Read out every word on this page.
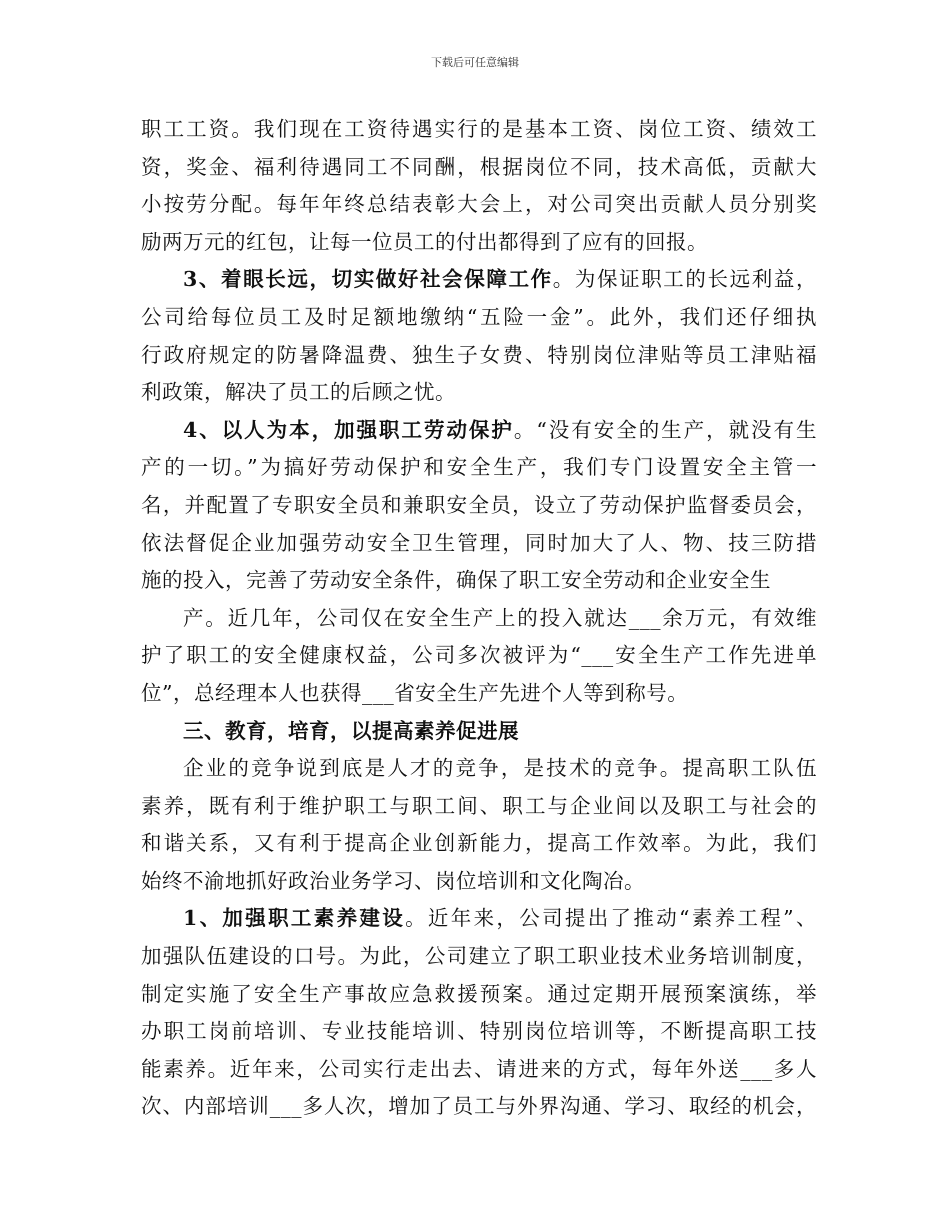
下载后可任意编辑
职工工资。我们现在工资待遇实行的是基本工资、岗位工资、绩效工
资，奖金、福利待遇同工不同酬，根据岗位不同，技术高低，贡献大
小按劳分配。每年年终总结表彰大会上，对公司突出贡献人员分别奖
励两万元的红包，让每一位员工的付出都得到了应有的回报。
3、着眼长远，切实做好社会保障工作。为保证职工的长远利益，
公司给每位员工及时足额地缴纳“五险一金”。此外，我们还仔细执
行政府规定的防暑降温费、独生子女费、特别岗位津贴等员工津贴福
利政策，解决了员工的后顾之忧。
4、以人为本，加强职工劳动保护。“没有安全的生产，就没有生
产的一切。”为搞好劳动保护和安全生产，我们专门设置安全主管一
名，并配置了专职安全员和兼职安全员，设立了劳动保护监督委员会，
依法督促企业加强劳动安全卫生管理，同时加大了人、物、技三防措
施的投入，完善了劳动安全条件，确保了职工安全劳动和企业安全生
产。近几年，公司仅在安全生产上的投入就达___余万元，有效维
护了职工的安全健康权益，公司多次被评为“___安全生产工作先进单
位”，总经理本人也获得___省安全生产先进个人等到称号。
三、教育，培育，以提高素养促进展
企业的竞争说到底是人才的竞争，是技术的竞争。提高职工队伍
素养，既有利于维护职工与职工间、职工与企业间以及职工与社会的
和谐关系，又有利于提高企业创新能力，提高工作效率。为此，我们
始终不渝地抓好政治业务学习、岗位培训和文化陶冶。
1、加强职工素养建设。近年来，公司提出了推动“素养工程”、
加强队伍建设的口号。为此，公司建立了职工职业技术业务培训制度，
制定实施了安全生产事故应急救援预案。通过定期开展预案演练，举
办职工岗前培训、专业技能培训、特别岗位培训等，不断提高职工技
能素养。近年来，公司实行走出去、请进来的方式，每年外送___多人
次、内部培训___多人次，增加了员工与外界沟通、学习、取经的机会，
